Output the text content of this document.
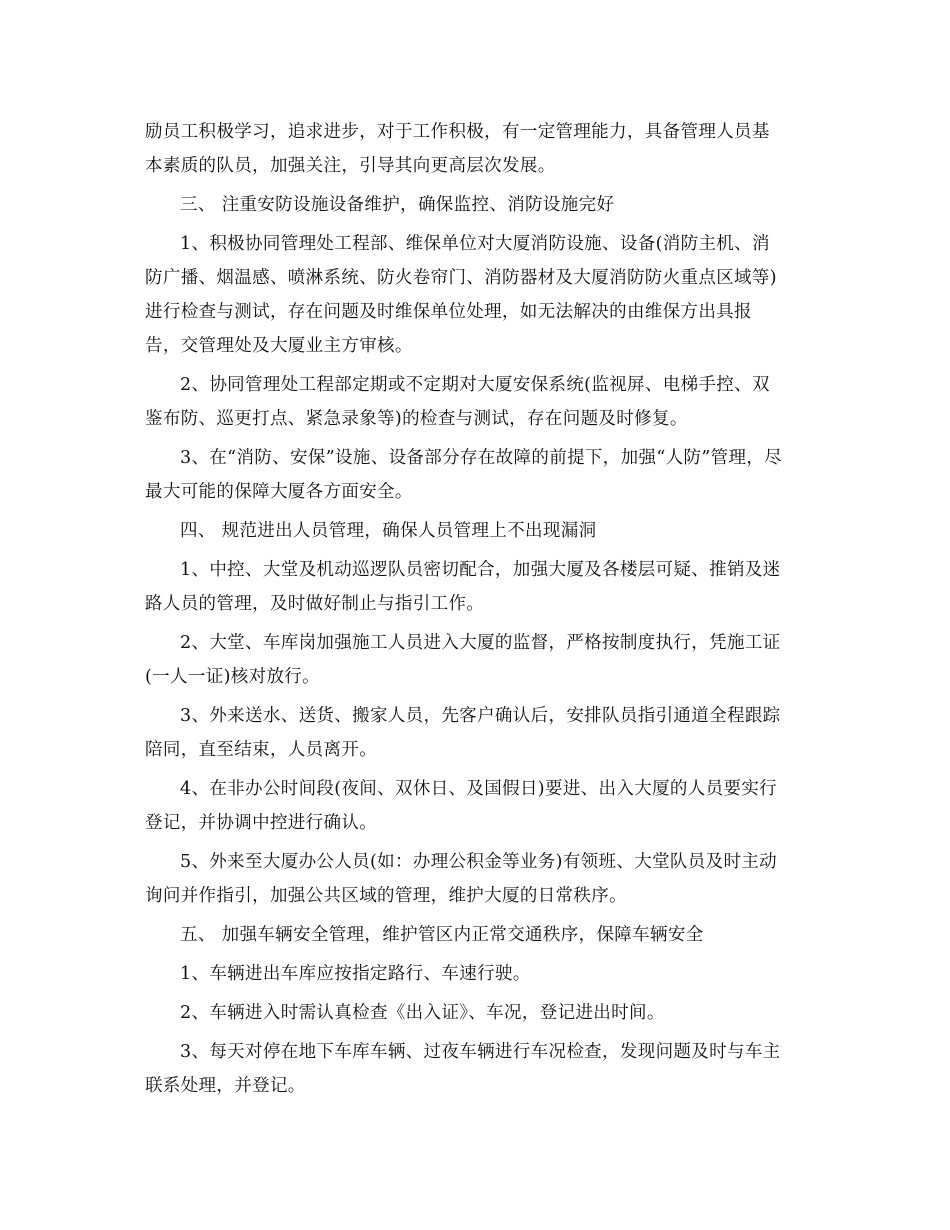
励员工积极学习，追求进步，对于工作积极，有一定管理能力，具备管理人员基
本素质的队员，加强关注，引导其向更高层次发展。
三、 注重安防设施设备维护，确保监控、消防设施完好
1、积极协同管理处工程部、维保单位对大厦消防设施、设备(消防主机、消
防广播、烟温感、喷淋系统、防火卷帘门、消防器材及大厦消防防火重点区域等)
进行检查与测试，存在问题及时维保单位处理，如无法解决的由维保方出具报
告，交管理处及大厦业主方审核。
2、协同管理处工程部定期或不定期对大厦安保系统(监视屏、电梯手控、双
鉴布防、巡更打点、紧急录象等)的检查与测试，存在问题及时修复。
3、在“消防、安保”设施、设备部分存在故障的前提下，加强“人防”管理，尽
最大可能的保障大厦各方面安全。
四、 规范进出人员管理，确保人员管理上不出现漏洞
1、中控、大堂及机动巡逻队员密切配合，加强大厦及各楼层可疑、推销及迷
路人员的管理，及时做好制止与指引工作。
2、大堂、车库岗加强施工人员进入大厦的监督，严格按制度执行，凭施工证
(一人一证)核对放行。
3、外来送水、送货、搬家人员，先客户确认后，安排队员指引通道全程跟踪
陪同，直至结束，人员离开。
4、在非办公时间段(夜间、双休日、及国假日)要进、出入大厦的人员要实行
登记，并协调中控进行确认。
5、外来至大厦办公人员(如：办理公积金等业务)有领班、大堂队员及时主动
询问并作指引，加强公共区域的管理，维护大厦的日常秩序。
五、 加强车辆安全管理，维护管区内正常交通秩序，保障车辆安全
1、车辆进出车库应按指定路行、车速行驶。
2、车辆进入时需认真检查《出入证》、车况，登记进出时间。
3、每天对停在地下车库车辆、过夜车辆进行车况检查，发现问题及时与车主
联系处理，并登记。
